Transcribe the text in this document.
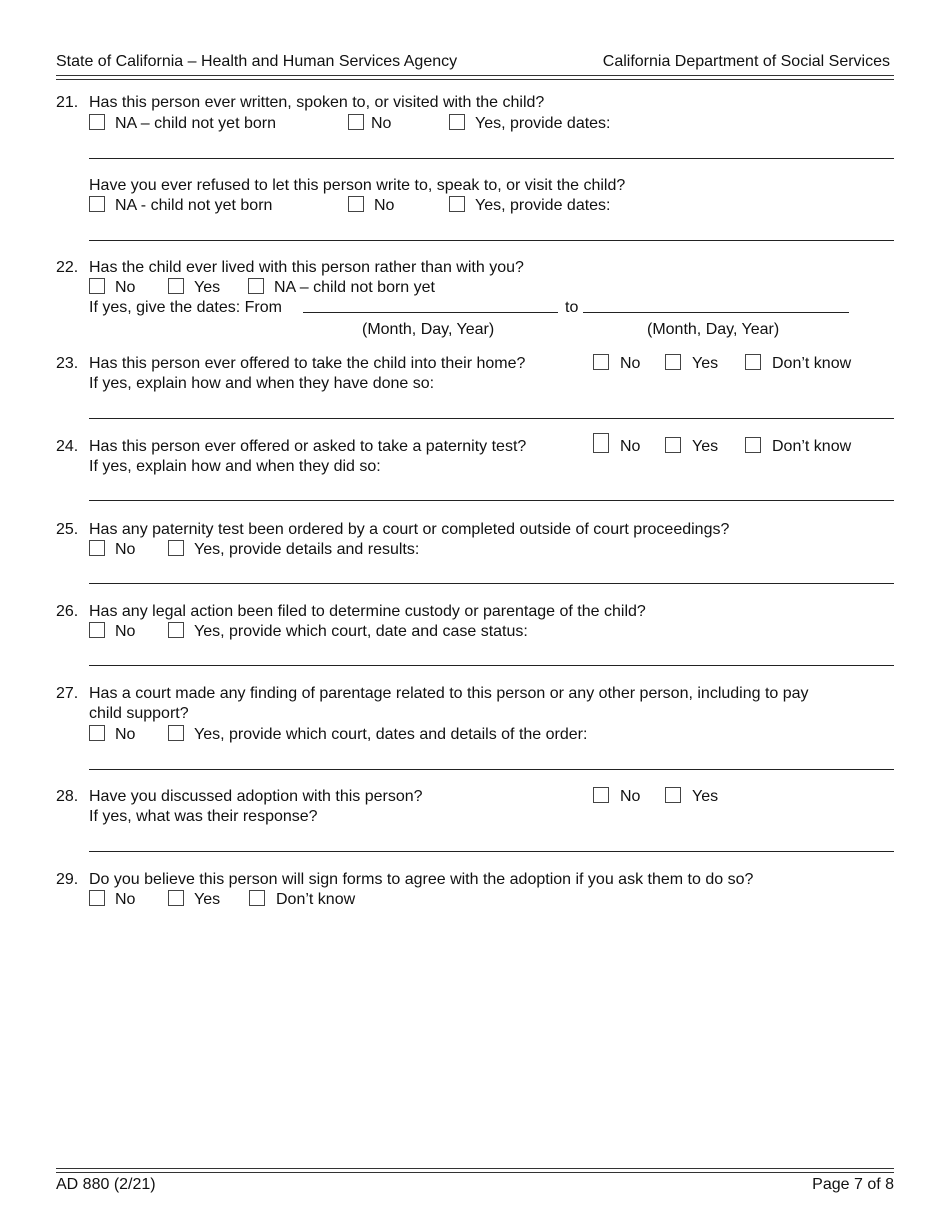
State of California – Health and Human Services Agency	California Department of Social Services
21. Has this person ever written, spoken to, or visited with the child?
NA – child not yet born	No	Yes, provide dates:
Have you ever refused to let this person write to, speak to, or visit the child?
NA - child not yet born	No	Yes, provide dates:
22. Has the child ever lived with this person rather than with you?
No	Yes	NA – child not born yet
If yes, give the dates: From	to
(Month, Day, Year)	(Month, Day, Year)
23. Has this person ever offered to take the child into their home?
If yes, explain how and when they have done so:
No	Yes	Don’t know
24. Has this person ever offered or asked to take a paternity test?
If yes, explain how and when they did so:
No	Yes	Don’t know
25. Has any paternity test been ordered by a court or completed outside of court proceedings?
No	Yes, provide details and results:
26. Has any legal action been filed to determine custody or parentage of the child?
No	Yes, provide which court, date and case status:
27. Has a court made any finding of parentage related to this person or any other person, including to pay
child support?
No	Yes, provide which court, dates and details of the order:
28. Have you discussed adoption with this person?
If yes, what was their response?
No	Yes
29. Do you believe this person will sign forms to agree with the adoption if you ask them to do so?
No	Yes	Don’t know
AD 880 (2/21)	Page 7 of 8
